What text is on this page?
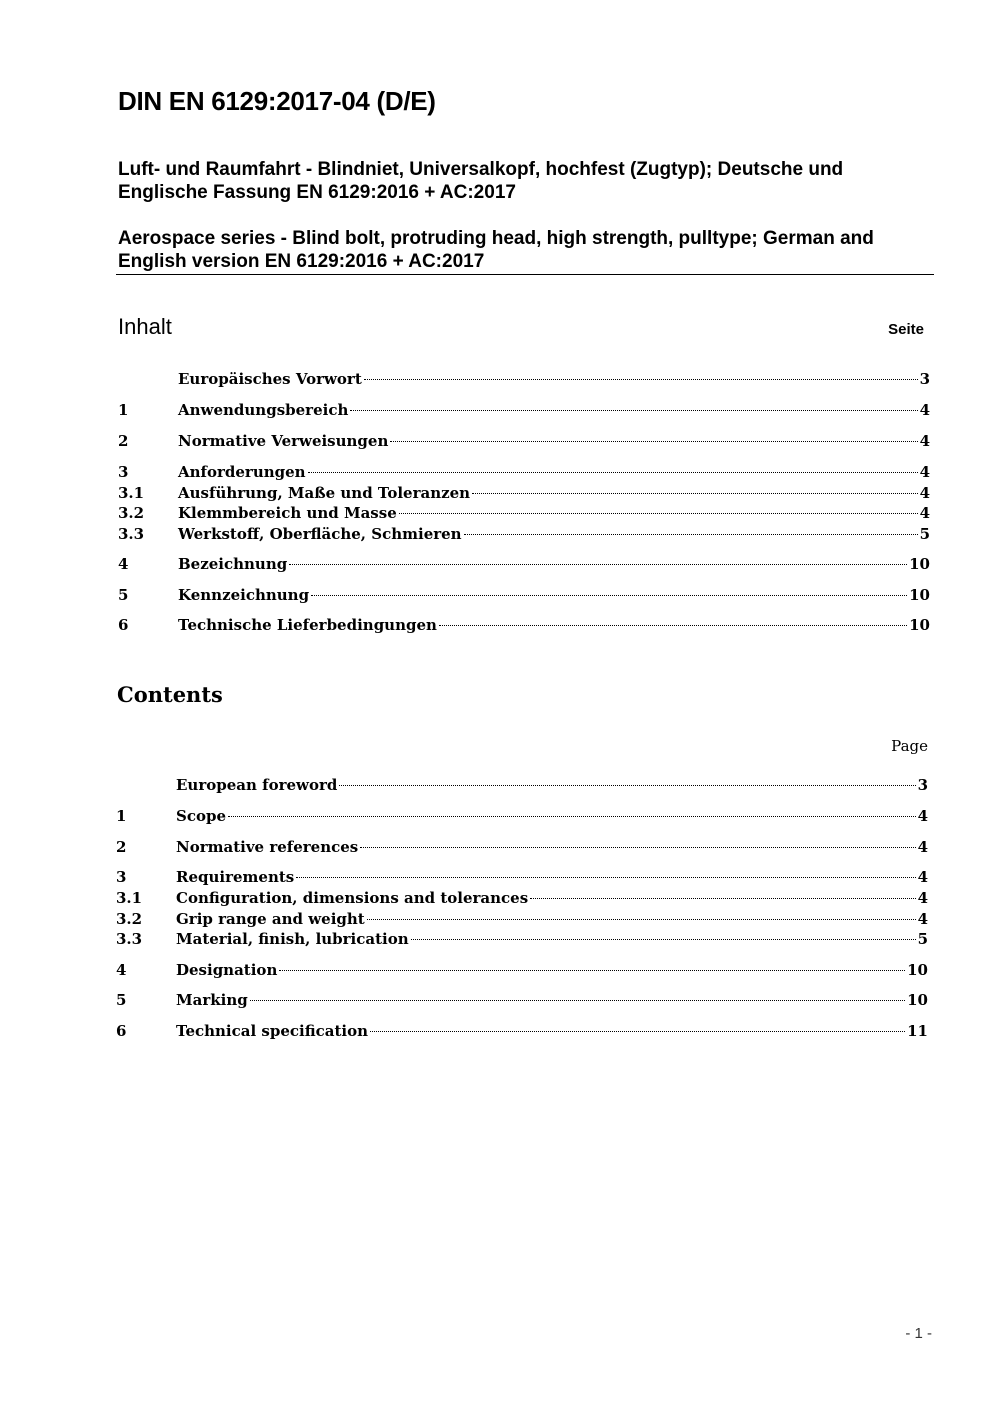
DIN EN 6129:2017-04 (D/E)

Luft- und Raumfahrt - Blindniet, Universalkopf, hochfest (Zugtyp); Deutsche und Englische Fassung EN 6129:2016 + AC:2017

Aerospace series - Blind bolt, protruding head, high strength, pulltype; German and English version EN 6129:2016 + AC:2017

Inhalt	Seite
Europäisches Vorwort	3
1	Anwendungsbereich	4
2	Normative Verweisungen	4
3	Anforderungen	4
3.1	Ausführung, Maße und Toleranzen	4
3.2	Klemmbereich und Masse	4
3.3	Werkstoff, Oberfläche, Schmieren	5
4	Bezeichnung	10
5	Kennzeichnung	10
6	Technische Lieferbedingungen	10
Contents
Page
European foreword	3
1	Scope	4
2	Normative references	4
3	Requirements	4
3.1	Configuration, dimensions and tolerances	4
3.2	Grip range and weight	4
3.3	Material, finish, lubrication	5
4	Designation	10
5	Marking	10
6	Technical specification	11
- 1 -
